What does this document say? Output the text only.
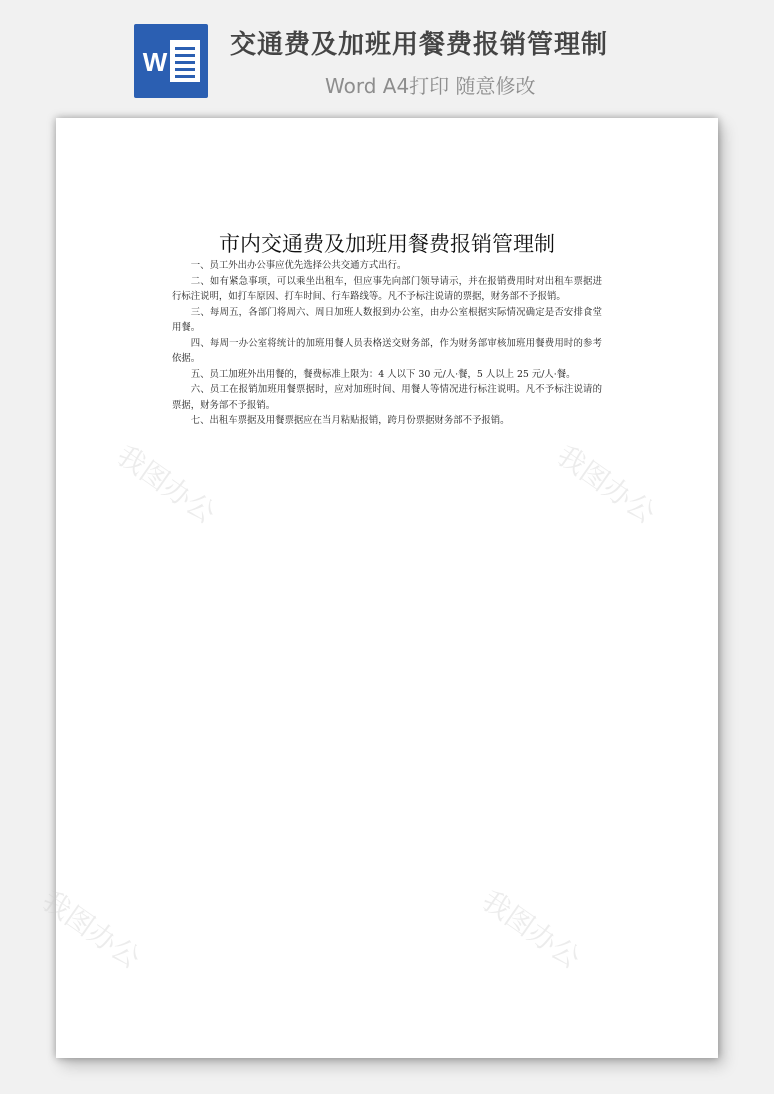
W
交通费及加班用餐费报销管理制
Word A4打印 随意修改
我图办公	我图办公
我图办公	我图办公
市内交通费及加班用餐费报销管理制

一、员工外出办公事应优先选择公共交通方式出行。

二、如有紧急事项，可以乘坐出租车，但应事先向部门领导请示，并在报销费用时对出租车票据进行标注说明，如打车原因、打车时间、行车路线等。凡不予标注说请的票据，财务部不予报销。

三、每周五，各部门将周六、周日加班人数报到办公室，由办公室根据实际情况确定是否安排食堂用餐。

四、每周一办公室将统计的加班用餐人员表格送交财务部，作为财务部审核加班用餐费用时的参考依据。

五、员工加班外出用餐的，餐费标准上限为：4 人以下 30 元/人·餐，5 人以上 25 元/人·餐。

六、员工在报销加班用餐票据时，应对加班时间、用餐人等情况进行标注说明。凡不予标注说请的票据，财务部不予报销。

七、出租车票据及用餐票据应在当月粘贴报销，跨月份票据财务部不予报销。
